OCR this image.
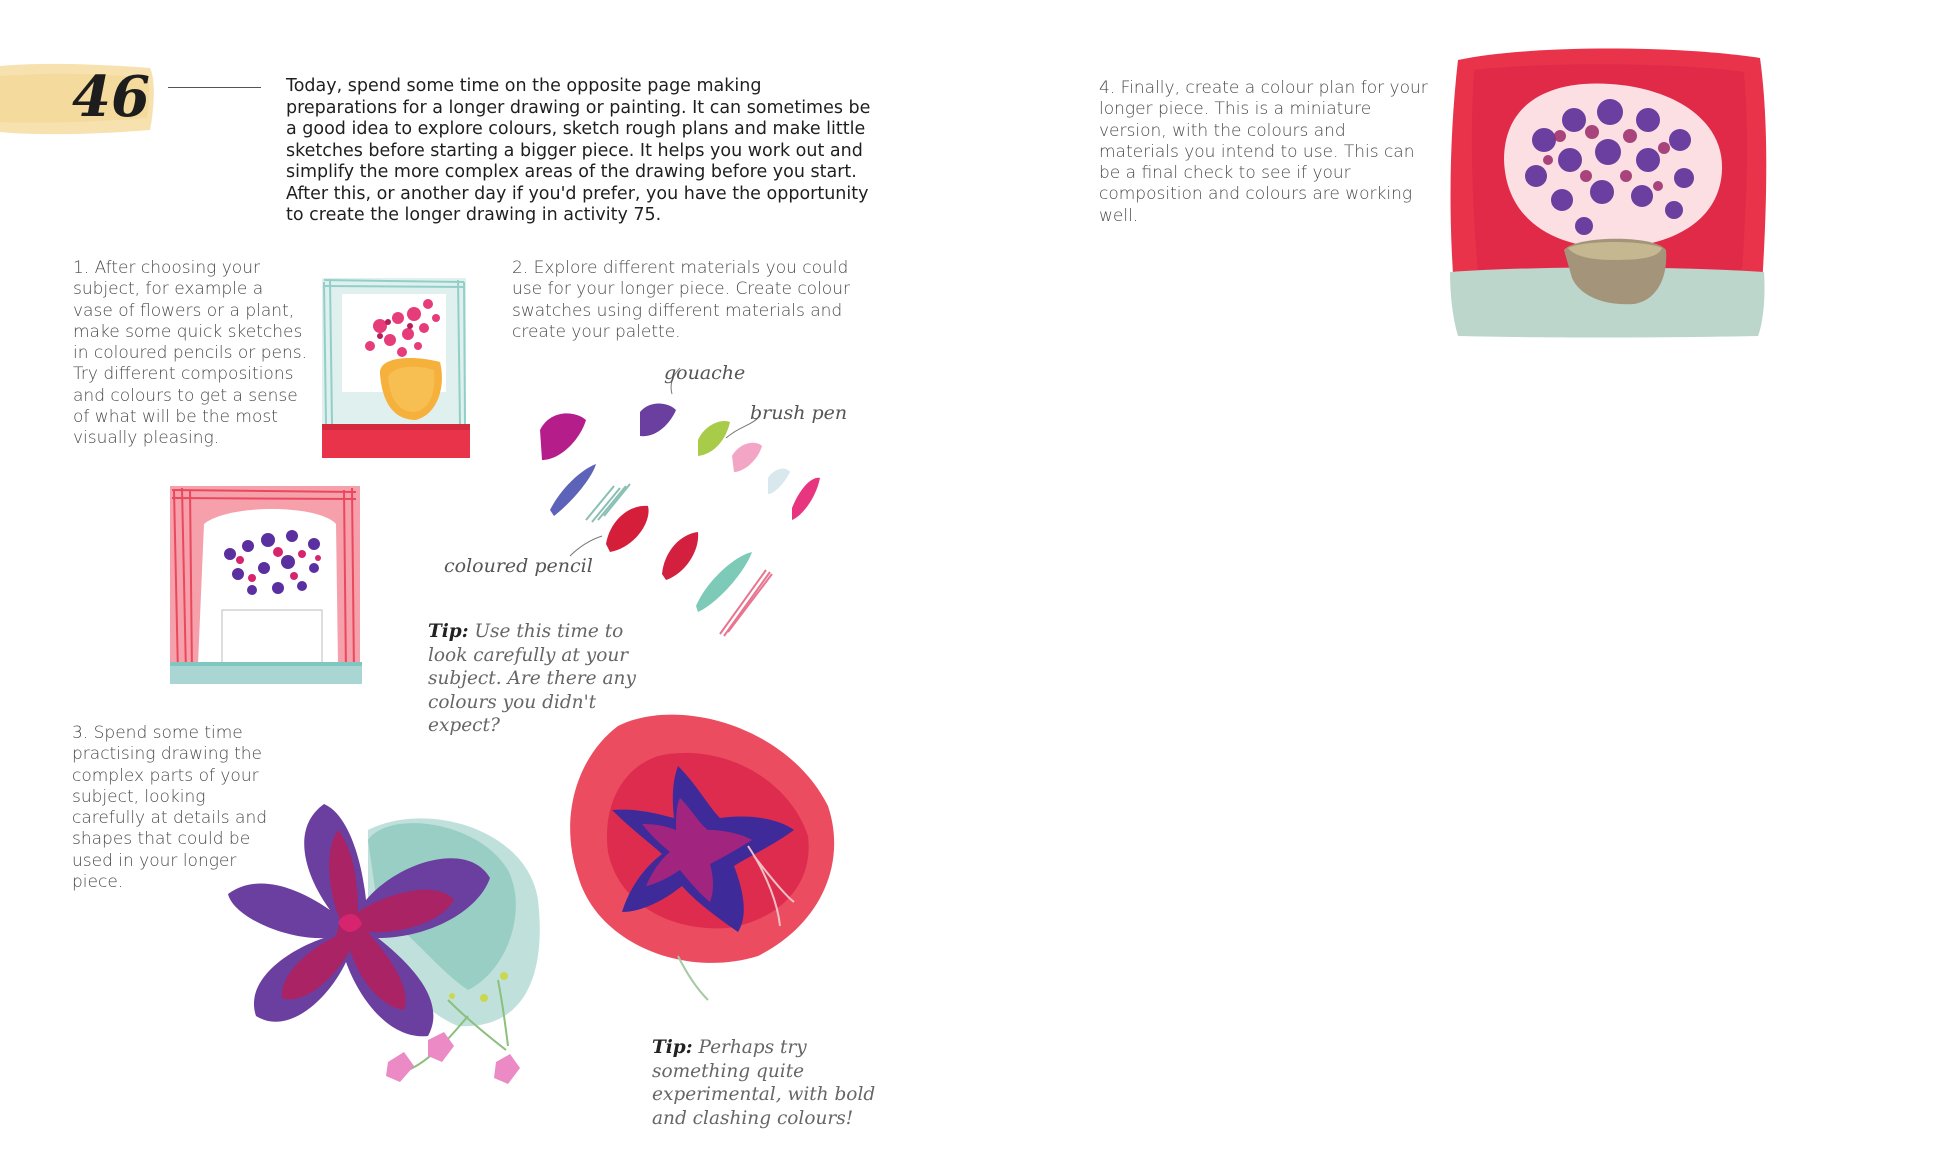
46	Today, spend some time on the opposite page making preparations for a longer drawing or painting. It can sometimes be a good idea to explore colours, sketch rough plans and make little sketches before starting a bigger piece. It helps you work out and simplify the more complex areas of the drawing before you start.

After this, or another day if you'd prefer, you have the opportunity to create the longer drawing in activity 75.

1. After choosing your subject, for example a vase of flowers or a plant, make some quick sketches in coloured pencils or pens. Try different compositions and colours to get a sense of what will be the most visually pleasing.
2. Explore different materials you could use for your longer piece. Create colour swatches using different materials and create your palette.
3. Spend some time practising drawing the complex parts of your subject, looking carefully at details and shapes that could be used in your longer piece.
4. Finally, create a colour plan for your longer piece. This is a miniature version, with the colours and materials you intend to use. This can be a final check to see if your composition and colours are working well.
gouache
brush pen
coloured pencil
Tip: Use this time to look carefully at your subject. Are there any colours you didn't expect?
Tip: Perhaps try something quite experimental, with bold and clashing colours!
